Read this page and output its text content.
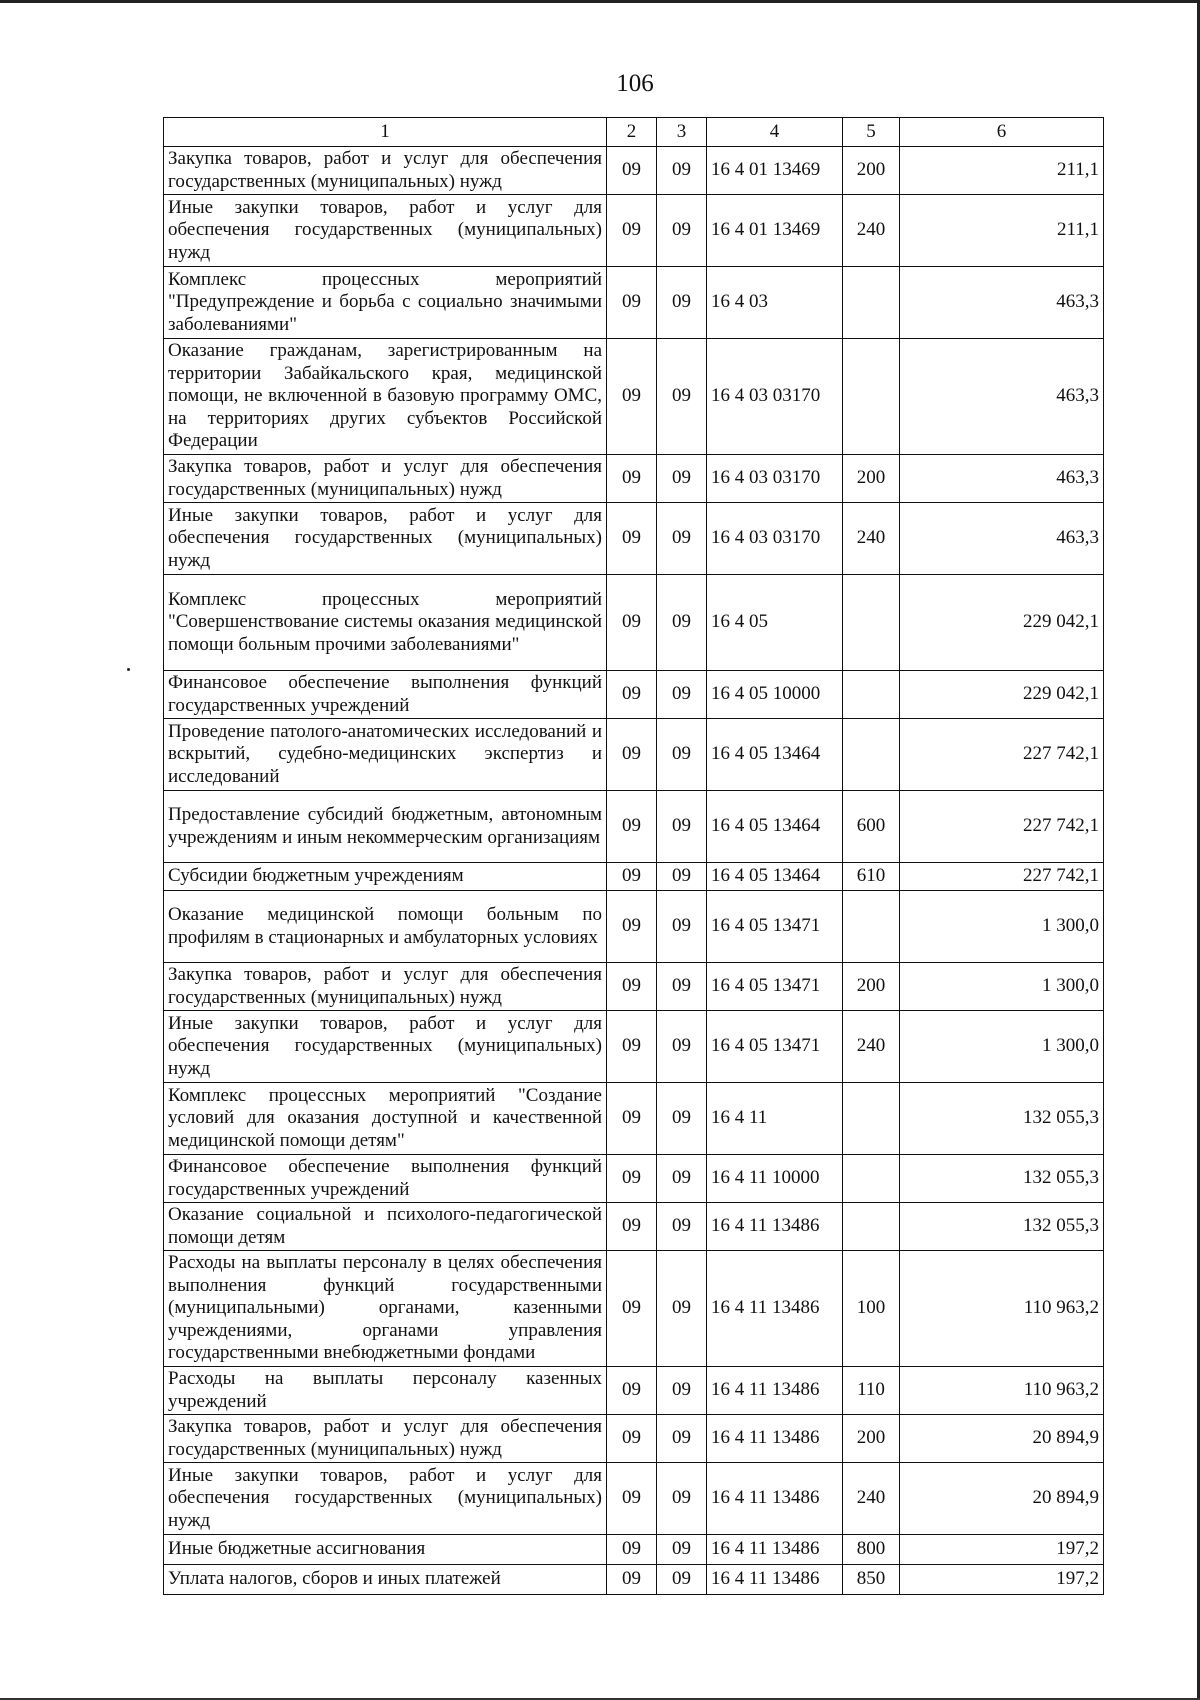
106
1	2	3	4	5	6
Закупка товаров, работ и услуг для обеспечения государственных (муниципальных) нужд	09	09	16 4 01 13469	200	211,1
Иные закупки товаров, работ и услуг для обеспечения государственных (муниципальных) нужд	09	09	16 4 01 13469	240	211,1
Комплекс процессных мероприятий "Предупреждение и борьба с социально значимыми заболеваниями"	09	09	16 4 03		463,3
Оказание гражданам, зарегистрированным на территории Забайкальского края, медицинской помощи, не включенной в базовую программу ОМС, на территориях других субъектов Российской Федерации	09	09	16 4 03 03170		463,3
Закупка товаров, работ и услуг для обеспечения государственных (муниципальных) нужд	09	09	16 4 03 03170	200	463,3
Иные закупки товаров, работ и услуг для обеспечения государственных (муниципальных) нужд	09	09	16 4 03 03170	240	463,3
Комплекс процессных мероприятий "Совершенствование системы оказания медицинской помощи больным прочими заболеваниями"	09	09	16 4 05		229 042,1
Финансовое обеспечение выполнения функций государственных учреждений	09	09	16 4 05 10000		229 042,1
Проведение патолого-анатомических исследований и вскрытий, судебно-медицинских экспертиз и исследований	09	09	16 4 05 13464		227 742,1
Предоставление субсидий бюджетным, автономным учреждениям и иным некоммерческим организациям	09	09	16 4 05 13464	600	227 742,1
Субсидии бюджетным учреждениям	09	09	16 4 05 13464	610	227 742,1
Оказание медицинской помощи больным по профилям в стационарных и амбулаторных условиях	09	09	16 4 05 13471		1 300,0
Закупка товаров, работ и услуг для обеспечения государственных (муниципальных) нужд	09	09	16 4 05 13471	200	1 300,0
Иные закупки товаров, работ и услуг для обеспечения государственных (муниципальных) нужд	09	09	16 4 05 13471	240	1 300,0
Комплекс процессных мероприятий "Создание условий для оказания доступной и качественной медицинской помощи детям"	09	09	16 4 11		132 055,3
Финансовое обеспечение выполнения функций государственных учреждений	09	09	16 4 11 10000		132 055,3
Оказание социальной и психолого-педагогической помощи детям	09	09	16 4 11 13486		132 055,3
Расходы на выплаты персоналу в целях обеспечения выполнения функций государственными (муниципальными) органами, казенными учреждениями, органами управления государственными внебюджетными фондами	09	09	16 4 11 13486	100	110 963,2
Расходы на выплаты персоналу казенных учреждений	09	09	16 4 11 13486	110	110 963,2
Закупка товаров, работ и услуг для обеспечения государственных (муниципальных) нужд	09	09	16 4 11 13486	200	20 894,9
Иные закупки товаров, работ и услуг для обеспечения государственных (муниципальных) нужд	09	09	16 4 11 13486	240	20 894,9
Иные бюджетные ассигнования	09	09	16 4 11 13486	800	197,2
Уплата налогов, сборов и иных платежей	09	09	16 4 11 13486	850	197,2
